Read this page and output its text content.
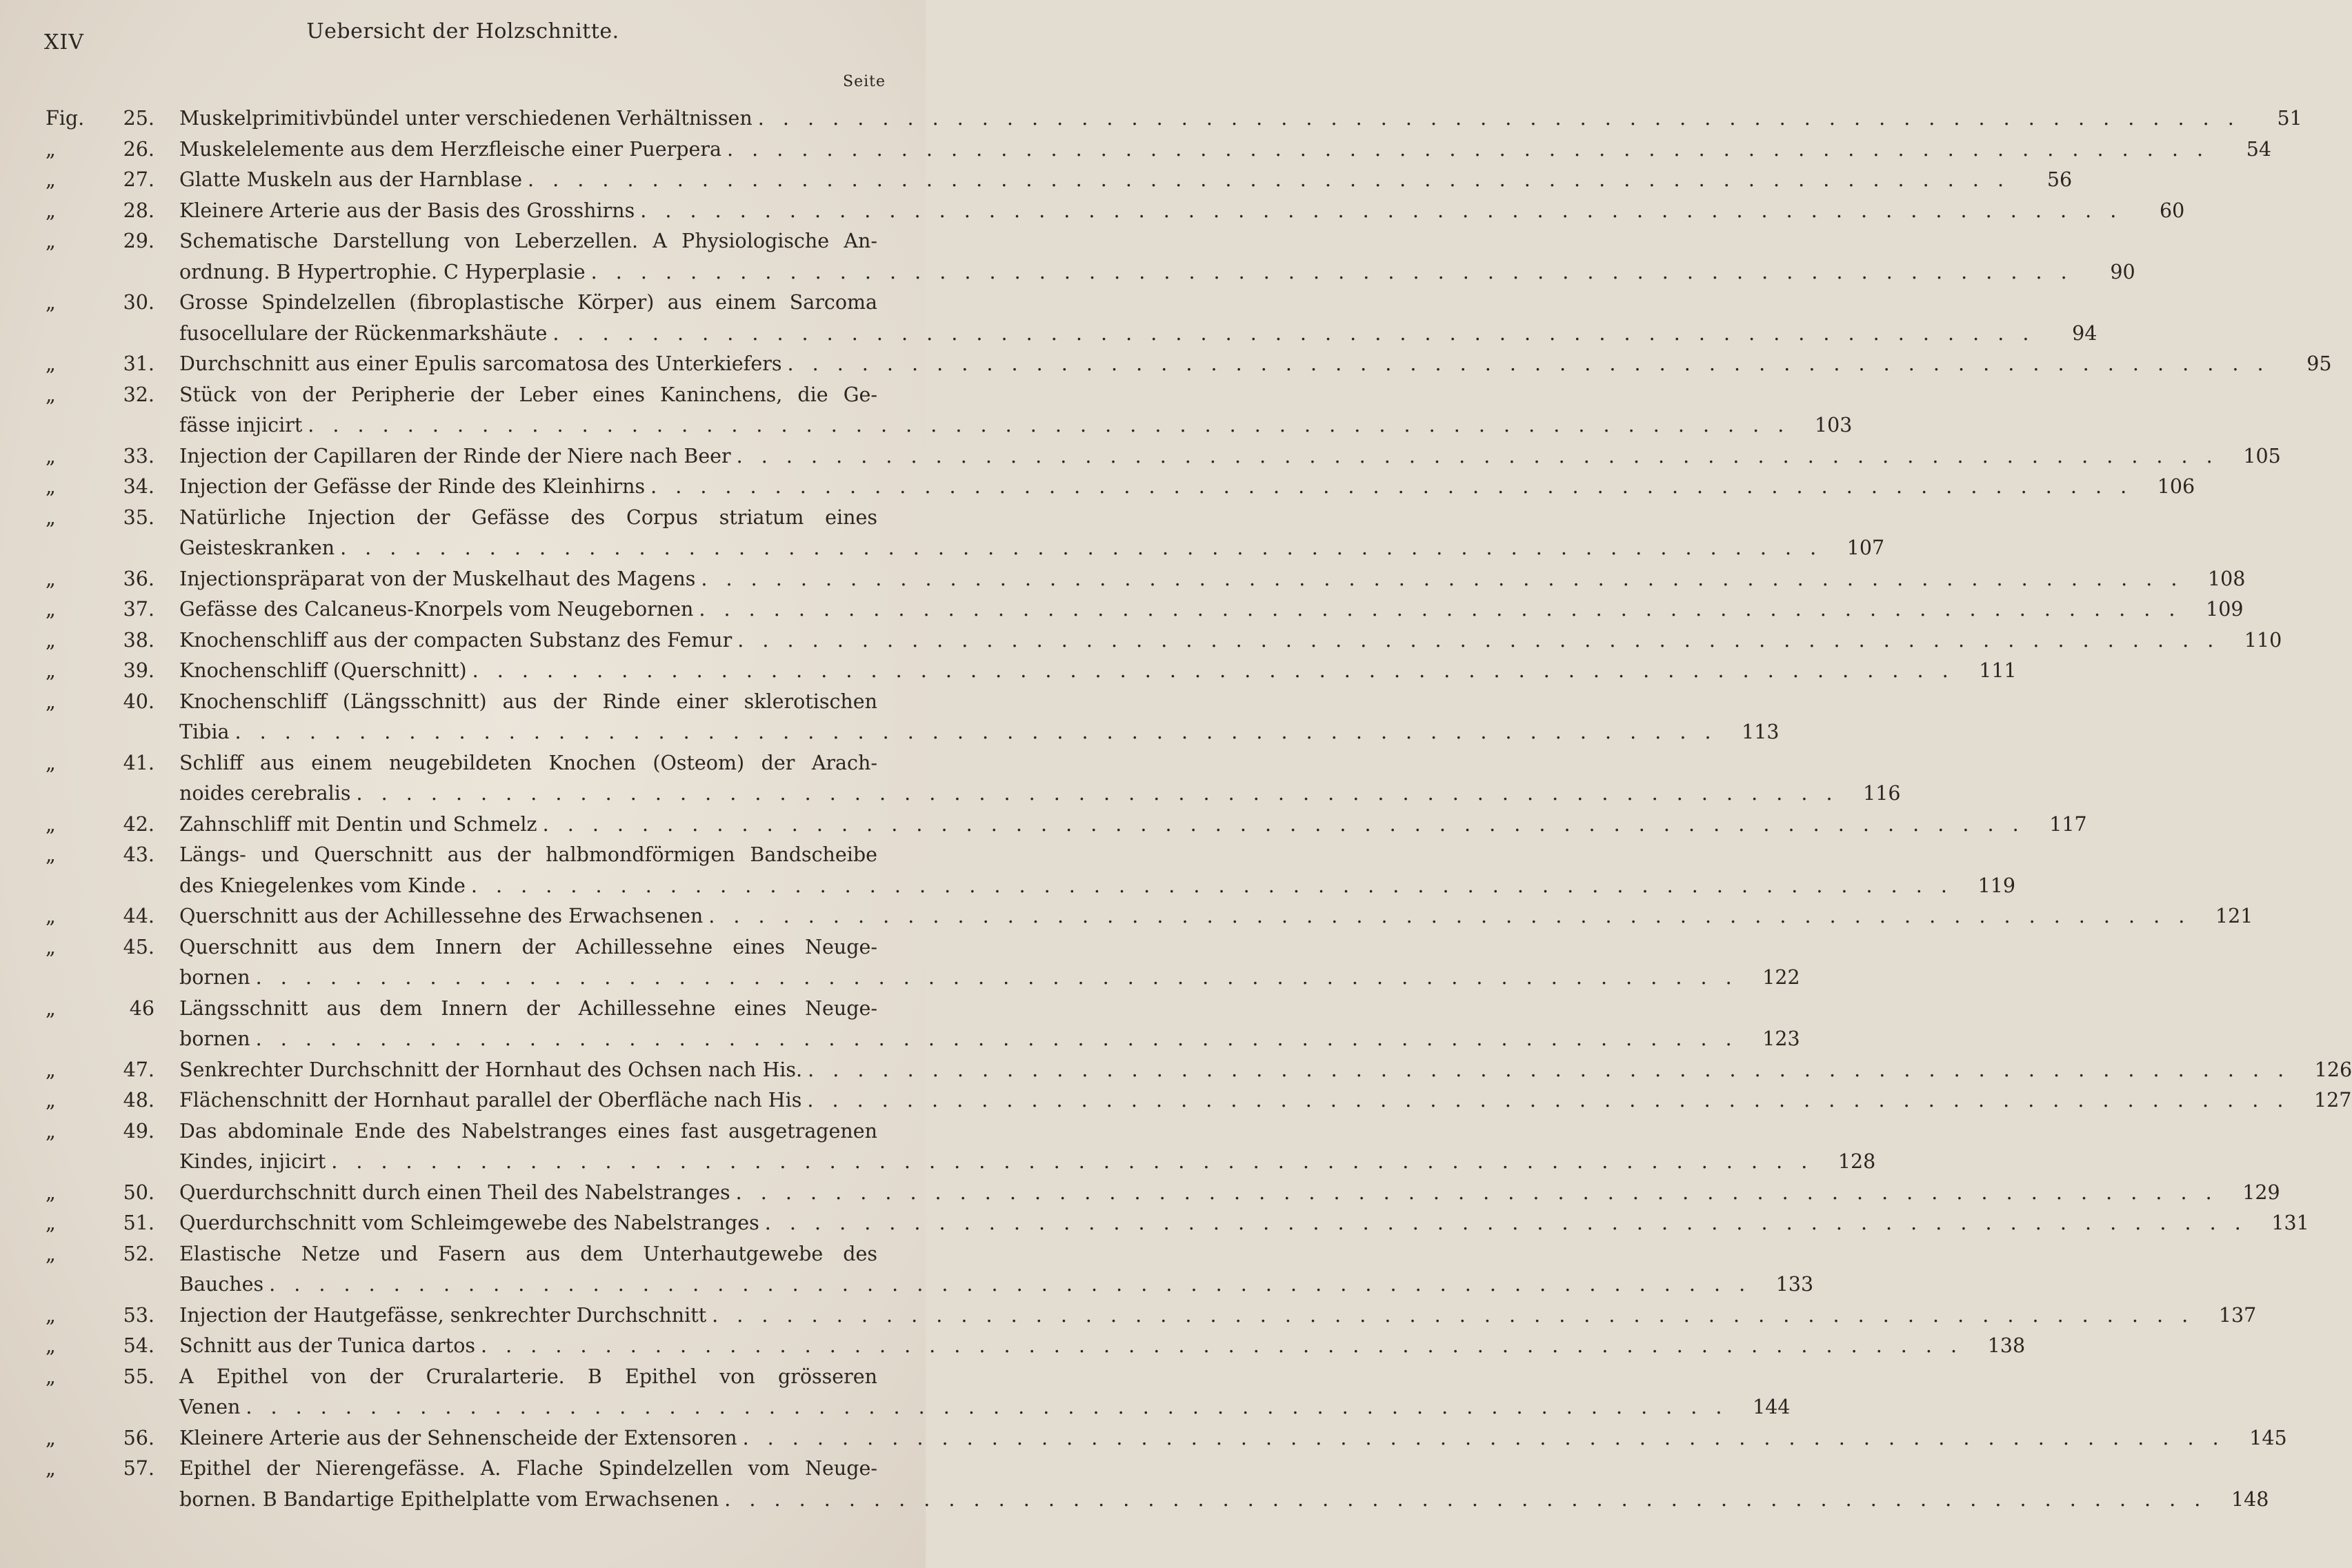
XIV	Uebersicht der Holzschnitte.
Seite
Fig.	25. Muskelprimitivbündel unter verschiedenen Verhältnissen . . . . . . . . . . . . . . . . . . . . . . . . . . . . . . . . . . . . . . . . . . . . . . . . . . . . . . . . . . . .	51
„	26. Muskelelemente aus dem Herzfleische einer Puerpera . . . . . . . . . . . . . . . . . . . . . . . . . . . . . . . . . . . . . . . . . . . . . . . . . . . . . . . . . . . .	54
„	27. Glatte Muskeln aus der Harnblase . . . . . . . . . . . . . . . . . . . . . . . . . . . . . . . . . . . . . . . . . . . . . . . . . . . . . . . . . . . .	56
„	28. Kleinere Arterie aus der Basis des Grosshirns . . . . . . . . . . . . . . . . . . . . . . . . . . . . . . . . . . . . . . . . . . . . . . . . . . . . . . . . . . . .	60
„	29. Schematische Darstellung von Leberzellen. A Physiologische An-
ordnung. B Hypertrophie. C Hyperplasie . . . . . . . . . . . . . . . . . . . . . . . . . . . . . . . . . . . . . . . . . . . . . . . . . . . . . . . . . . . .	90
„	30. Grosse Spindelzellen (fibroplastische Körper) aus einem Sarcoma
fusocellulare der Rückenmarkshäute . . . . . . . . . . . . . . . . . . . . . . . . . . . . . . . . . . . . . . . . . . . . . . . . . . . . . . . . . . . .	94
„	31. Durchschnitt aus einer Epulis sarcomatosa des Unterkiefers . . . . . . . . . . . . . . . . . . . . . . . . . . . . . . . . . . . . . . . . . . . . . . . . . . . . . . . . . . . .	95
„	32. Stück von der Peripherie der Leber eines Kaninchens, die Ge-
fässe injicirt . . . . . . . . . . . . . . . . . . . . . . . . . . . . . . . . . . . . . . . . . . . . . . . . . . . . . . . . . . . .	103
„	33. Injection der Capillaren der Rinde der Niere nach Beer . . . . . . . . . . . . . . . . . . . . . . . . . . . . . . . . . . . . . . . . . . . . . . . . . . . . . . . . . . . .	105
„	34. Injection der Gefässe der Rinde des Kleinhirns . . . . . . . . . . . . . . . . . . . . . . . . . . . . . . . . . . . . . . . . . . . . . . . . . . . . . . . . . . . .	106
„	35. Natürliche Injection der Gefässe des Corpus striatum eines
Geisteskranken . . . . . . . . . . . . . . . . . . . . . . . . . . . . . . . . . . . . . . . . . . . . . . . . . . . . . . . . . . . .	107
„	36. Injectionspräparat von der Muskelhaut des Magens . . . . . . . . . . . . . . . . . . . . . . . . . . . . . . . . . . . . . . . . . . . . . . . . . . . . . . . . . . . .	108
„	37. Gefässe des Calcaneus-Knorpels vom Neugebornen . . . . . . . . . . . . . . . . . . . . . . . . . . . . . . . . . . . . . . . . . . . . . . . . . . . . . . . . . . . .	109
„	38. Knochenschliff aus der compacten Substanz des Femur . . . . . . . . . . . . . . . . . . . . . . . . . . . . . . . . . . . . . . . . . . . . . . . . . . . . . . . . . . . .	110
„	39. Knochenschliff (Querschnitt) . . . . . . . . . . . . . . . . . . . . . . . . . . . . . . . . . . . . . . . . . . . . . . . . . . . . . . . . . . . .	111
„	40. Knochenschliff (Längsschnitt) aus der Rinde einer sklerotischen
Tibia . . . . . . . . . . . . . . . . . . . . . . . . . . . . . . . . . . . . . . . . . . . . . . . . . . . . . . . . . . . .	113
„	41. Schliff aus einem neugebildeten Knochen (Osteom) der Arach-
noides cerebralis . . . . . . . . . . . . . . . . . . . . . . . . . . . . . . . . . . . . . . . . . . . . . . . . . . . . . . . . . . . .	116
„	42. Zahnschliff mit Dentin und Schmelz . . . . . . . . . . . . . . . . . . . . . . . . . . . . . . . . . . . . . . . . . . . . . . . . . . . . . . . . . . . .	117
„	43. Längs- und Querschnitt aus der halbmondförmigen Bandscheibe
des Kniegelenkes vom Kinde . . . . . . . . . . . . . . . . . . . . . . . . . . . . . . . . . . . . . . . . . . . . . . . . . . . . . . . . . . . .	119
„	44. Querschnitt aus der Achillessehne des Erwachsenen . . . . . . . . . . . . . . . . . . . . . . . . . . . . . . . . . . . . . . . . . . . . . . . . . . . . . . . . . . . .	121
„	45. Querschnitt aus dem Innern der Achillessehne eines Neuge-
bornen . . . . . . . . . . . . . . . . . . . . . . . . . . . . . . . . . . . . . . . . . . . . . . . . . . . . . . . . . . . .	122
„	46 Längsschnitt aus dem Innern der Achillessehne eines Neuge-
bornen . . . . . . . . . . . . . . . . . . . . . . . . . . . . . . . . . . . . . . . . . . . . . . . . . . . . . . . . . . . .	123
„	47. Senkrechter Durchschnitt der Hornhaut des Ochsen nach His. . . . . . . . . . . . . . . . . . . . . . . . . . . . . . . . . . . . . . . . . . . . . . . . . . . . . . . . . . . . .	126
„	48. Flächenschnitt der Hornhaut parallel der Oberfläche nach His . . . . . . . . . . . . . . . . . . . . . . . . . . . . . . . . . . . . . . . . . . . . . . . . . . . . . . . . . . . .	127
„	49. Das abdominale Ende des Nabelstranges eines fast ausgetragenen
Kindes, injicirt . . . . . . . . . . . . . . . . . . . . . . . . . . . . . . . . . . . . . . . . . . . . . . . . . . . . . . . . . . . .	128
„	50. Querdurchschnitt durch einen Theil des Nabelstranges . . . . . . . . . . . . . . . . . . . . . . . . . . . . . . . . . . . . . . . . . . . . . . . . . . . . . . . . . . . .	129
„	51. Querdurchschnitt vom Schleimgewebe des Nabelstranges . . . . . . . . . . . . . . . . . . . . . . . . . . . . . . . . . . . . . . . . . . . . . . . . . . . . . . . . . . . .	131
„	52. Elastische Netze und Fasern aus dem Unterhautgewebe des
Bauches . . . . . . . . . . . . . . . . . . . . . . . . . . . . . . . . . . . . . . . . . . . . . . . . . . . . . . . . . . . .	133
„	53. Injection der Hautgefässe, senkrechter Durchschnitt . . . . . . . . . . . . . . . . . . . . . . . . . . . . . . . . . . . . . . . . . . . . . . . . . . . . . . . . . . . .	137
„	54. Schnitt aus der Tunica dartos . . . . . . . . . . . . . . . . . . . . . . . . . . . . . . . . . . . . . . . . . . . . . . . . . . . . . . . . . . . .	138
„	55. A Epithel von der Cruralarterie. B Epithel von grösseren
Venen . . . . . . . . . . . . . . . . . . . . . . . . . . . . . . . . . . . . . . . . . . . . . . . . . . . . . . . . . . . .	144
„	56. Kleinere Arterie aus der Sehnenscheide der Extensoren . . . . . . . . . . . . . . . . . . . . . . . . . . . . . . . . . . . . . . . . . . . . . . . . . . . . . . . . . . . .	145
„	57. Epithel der Nierengefässe. A. Flache Spindelzellen vom Neuge-
bornen. B Bandartige Epithelplatte vom Erwachsenen . . . . . . . . . . . . . . . . . . . . . . . . . . . . . . . . . . . . . . . . . . . . . . . . . . . . . . . . . . . .	148
